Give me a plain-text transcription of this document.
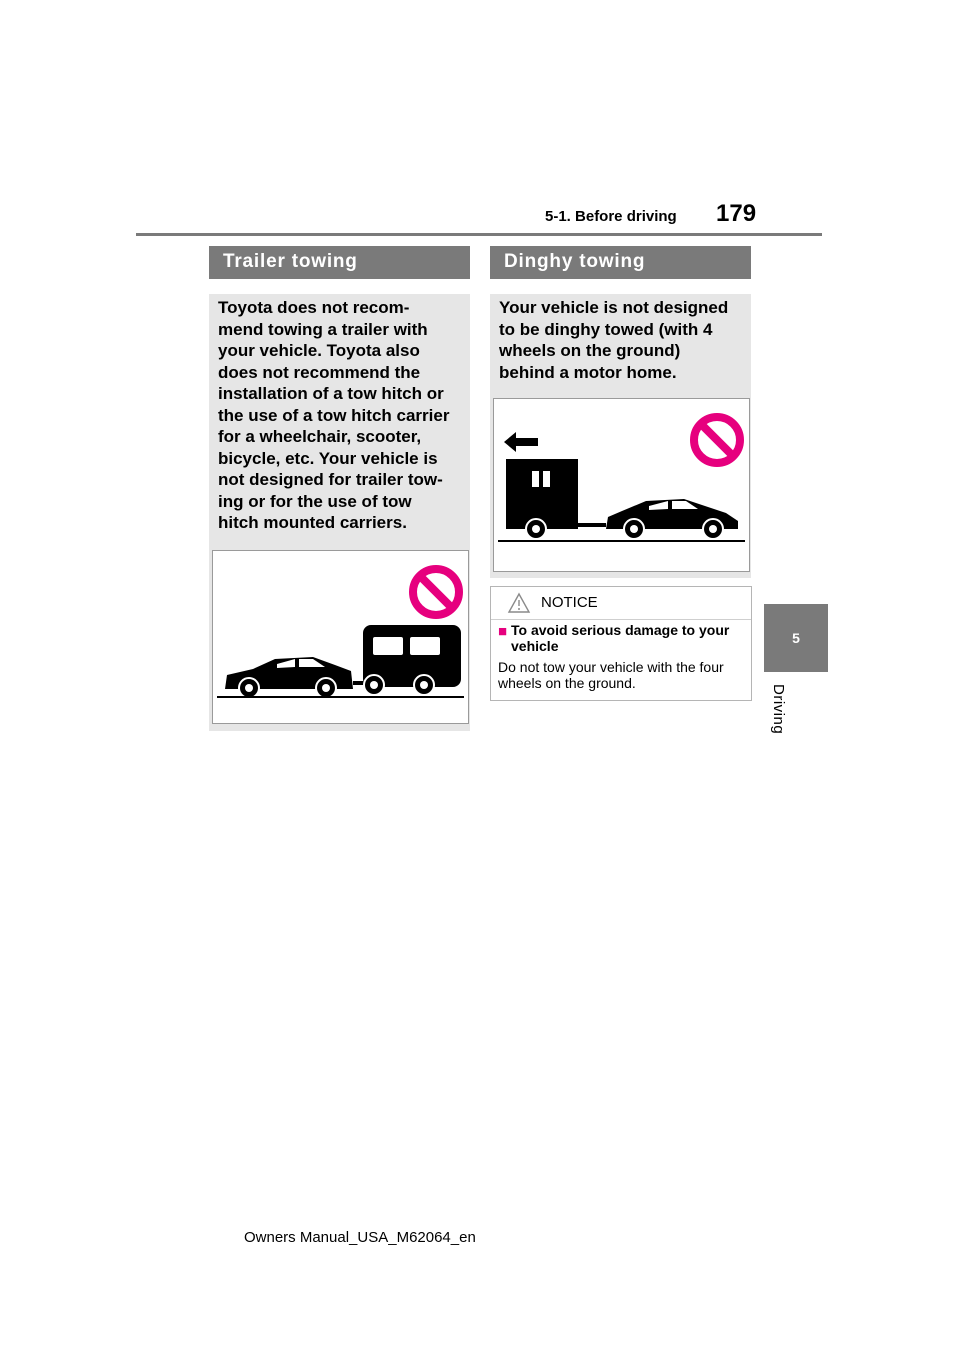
5-1. Before driving 179
5
Driving
Trailer towing
Toyota does not recom-
mend towing a trailer with
your vehicle. Toyota also
does not recommend the
installation of a tow hitch or
the use of a tow hitch carrier
for a wheelchair, scooter,
bicycle, etc. Your vehicle is
not designed for trailer tow-
ing or for the use of tow
hitch mounted carriers.
Dinghy towing
Your vehicle is not designed
to be dinghy towed (with 4
wheels on the ground)
behind a motor home.
NOTICE
■ To avoid serious damage to your vehicle
Do not tow your vehicle with the four wheels on the ground.
Owners Manual_USA_M62064_en
